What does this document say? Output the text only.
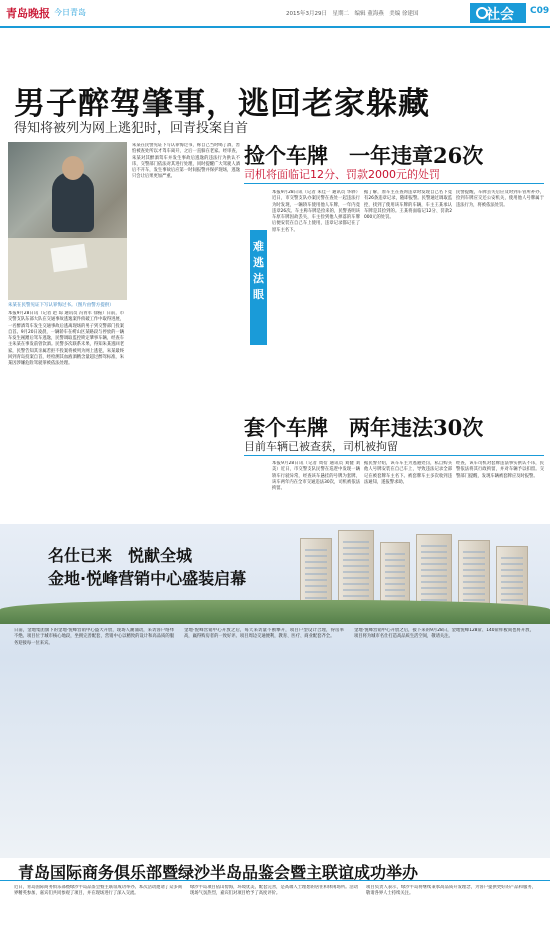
青岛晚报 今日青岛	2015年3月29日　星期二　编辑 董海燕　美编 徐建国	社会 C09
男子醉驾肇事，逃回老家躲藏
得知将被列为网上逃犯时，回青投案自首
朱某在民警见证下写认罪悔过书。（图片由警方提供）
本报9月28日讯（记者 赵 琼 通讯员 冯青军 徐振）日前，市交警支队东部大队在交通事故逃逸案件侦破工作中取得进展，一名醉酒驾车发生交通事故后逃离现场的男子到交警部门投案自首。9月20日凌晨，一辆轿车在崂山区某路段与停放的一辆车发生剐蹭后驾车逃逸，民警调取监控锁定肇事车辆，经查车主朱某在事发前曾饮酒。民警多次联系未果，得知朱某逃回老家，民警告知其亲属若拒不投案将被列为网上逃犯，朱某最终回到青岛投案自首，经检测其血液酒精含量超过醉驾标准，朱某因涉嫌危险驾驶罪被依法处理。
朱某在民警见证下写认罪悔过书，称自己当时喝了酒，害怕被查处所以才驾车离开，之后一直躲在老家。经审查，朱某对其醉酒驾车并发生事故后逃逸的违法行为供认不讳，交警部门依法对其进行处理，同时提醒广大驾驶人酒后不开车，发生事故后应第一时间报警并保护现场，逃逸只会让后果更加严重。
难逃法眼
捡个车牌　一年违章26次
司机将面临记12分、罚款2000元的处罚
本报9月28日讯（记者 朱佳一 通讯员 华骅）近日，市交警支队办案民警在查处一起违法行为时发现，一辆轿车使用他人车牌，一年内竟违章26次。车主称车牌是捡来的，民警查明该车原车牌因故丢失，车主捡到他人掉落的车牌后便安装在自己车上使用，违章记录都记在了原车主名下。
据了解，原车主在查询违章时发现自己名下竟有26条违章记录，随即报警。民警通过调取监控，找到了使用该车牌的车辆，车主王某承认车牌是其捡到的。王某将面临记12分、罚款2000元的处罚。
民警提醒，车牌丢失后应及时到车管所补办，捡到车牌应交还公安机关，使用他人号牌属于违法行为，将被依法处罚。
套个车牌　两年违法30次
目前车辆已被查获，司机被拘留
本报9月28日讯（记者 周衍 通讯员 刘健 刘美）近日，市交警支队民警在巡逻中发现一辆轿车行驶异常，经查该车悬挂的号牌为套牌，该车两年内在全市交通违法30次，司机被依法拘留。
据民警介绍，该车车主为逃避处罚，私自购买他人号牌安装在自己车上，导致违法记录全部记在被套牌车主名下。被套牌车主多次收到违法通知，遂报警求助。
经查，该车司机对套牌违法事实供认不讳，民警依法将其行政拘留，并对车辆予以扣留。交警部门提醒，发现车辆被套牌应及时报警。
名仕已来　悦献全城
金地·悦峰营销中心盛装启幕
日前，金地集团旗下的金地·悦峰营销中心盛大开放，现场人潮涌动，来访客户络绎不绝。项目位于城市核心地段，坐拥完善配套，营销中心以精致的设计和高品质的服务迎接每一位来宾。
金地·悦峰营销中心开放之后，每天来访量不断攀升，项目户型设计合理，得房率高，赢得购房者的一致好评。项目周边交通便利，教育、医疗、商业配套齐全。
金地·悦峰营销中心开放之后，接下来的9月28日，金地悦峰128㎡、140㎡样板间也将开放，项目将为城市名仕打造高品质生活空间，敬请关注。
青岛国际商务俱乐部暨绿沙半岛品鉴会暨主联谊成功举办
近日，青岛国际商务俱乐部暨绿沙半岛品鉴会暨主联谊成功举办。本次活动邀请了众多商界精英参加，嘉宾们共同参观了项目，并在现场进行了深入交流。
绿沙半岛项目依山傍海，环境优美，配套完善，是高端人士理想的居住和休闲场所。活动现场气氛热烈，嘉宾们对项目给予了高度评价。
项目负责人表示，绿沙半岛将继续秉承高品质开发理念，为客户提供更好的产品和服务，敬请各界人士持续关注。
